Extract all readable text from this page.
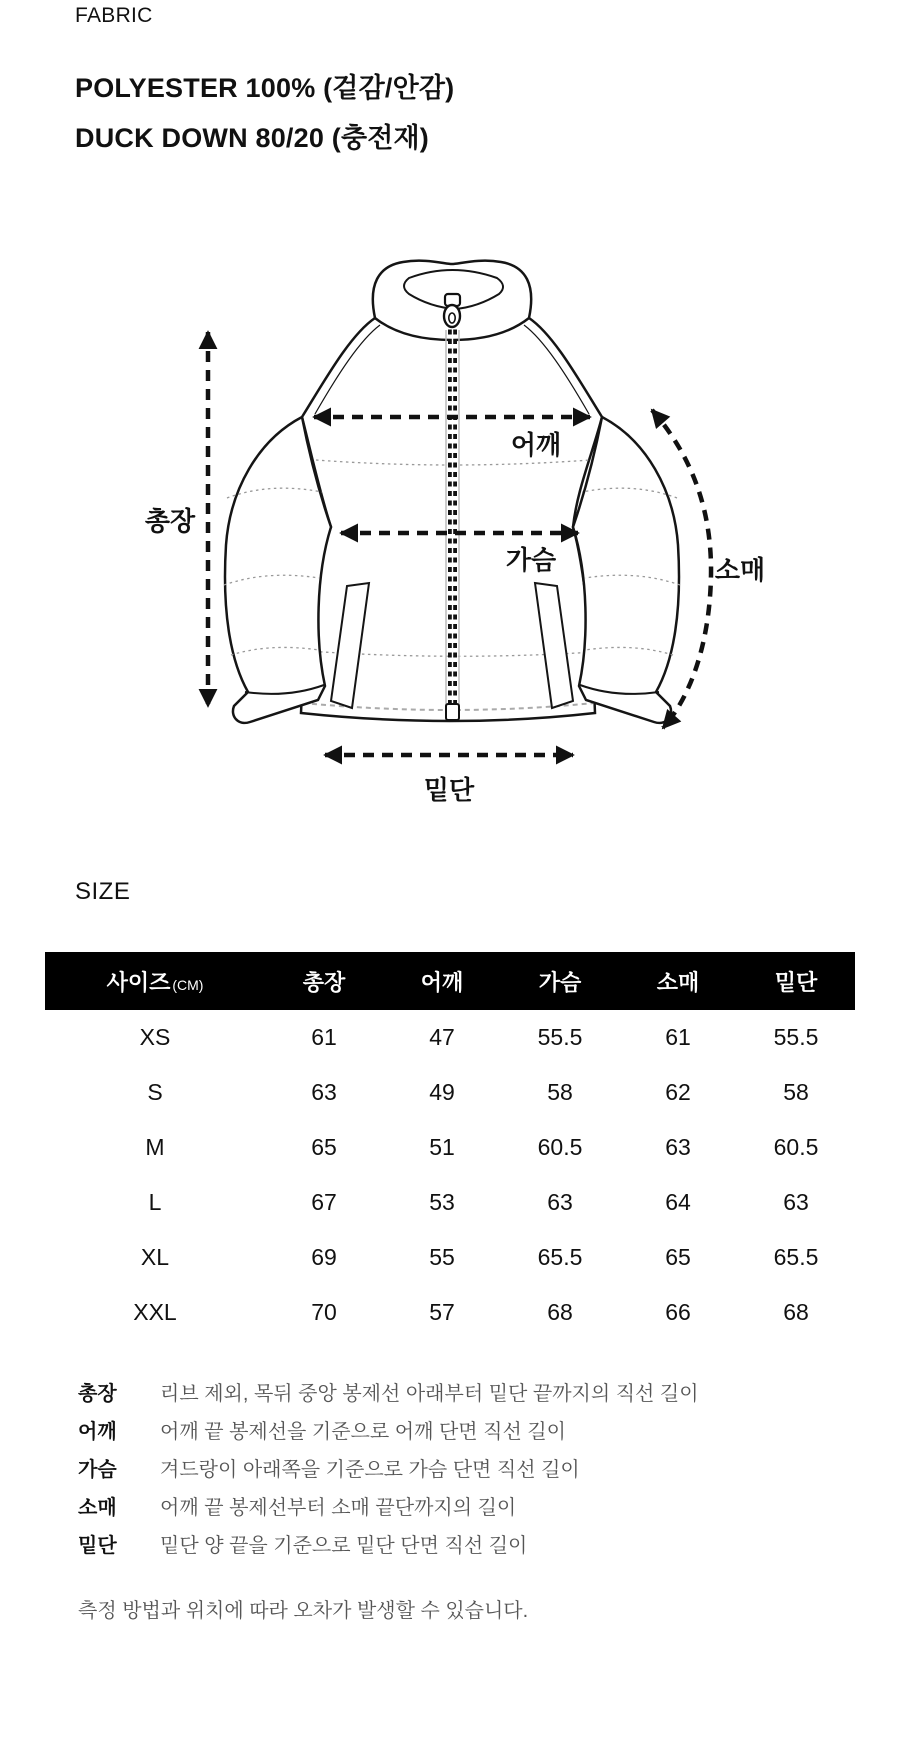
FABRIC
POLYESTER 100% (겉감/안감)
DUCK DOWN 80/20 (충전재)
총장
어깨
가슴	소매
밑단
SIZE
사이즈 (CM)	총장	어깨	가슴	소매	밑단
XS	61	47	55.5	61	55.5
S	63	49	58	62	58
M	65	51	60.5	63	60.5
L	67	53	63	64	63
XL	69	55	65.5	65	65.5
XXL	70	57	68	66	68
총장	리브 제외, 목뒤 중앙 봉제선 아래부터 밑단 끝까지의 직선 길이
어깨	어깨 끝 봉제선을 기준으로 어깨 단면 직선 길이
가슴	겨드랑이 아래쪽을 기준으로 가슴 단면 직선 길이
소매	어깨 끝 봉제선부터 소매 끝단까지의 길이
밑단	밑단 양 끝을 기준으로 밑단 단면 직선 길이
측정 방법과 위치에 따라 오차가 발생할 수 있습니다.
